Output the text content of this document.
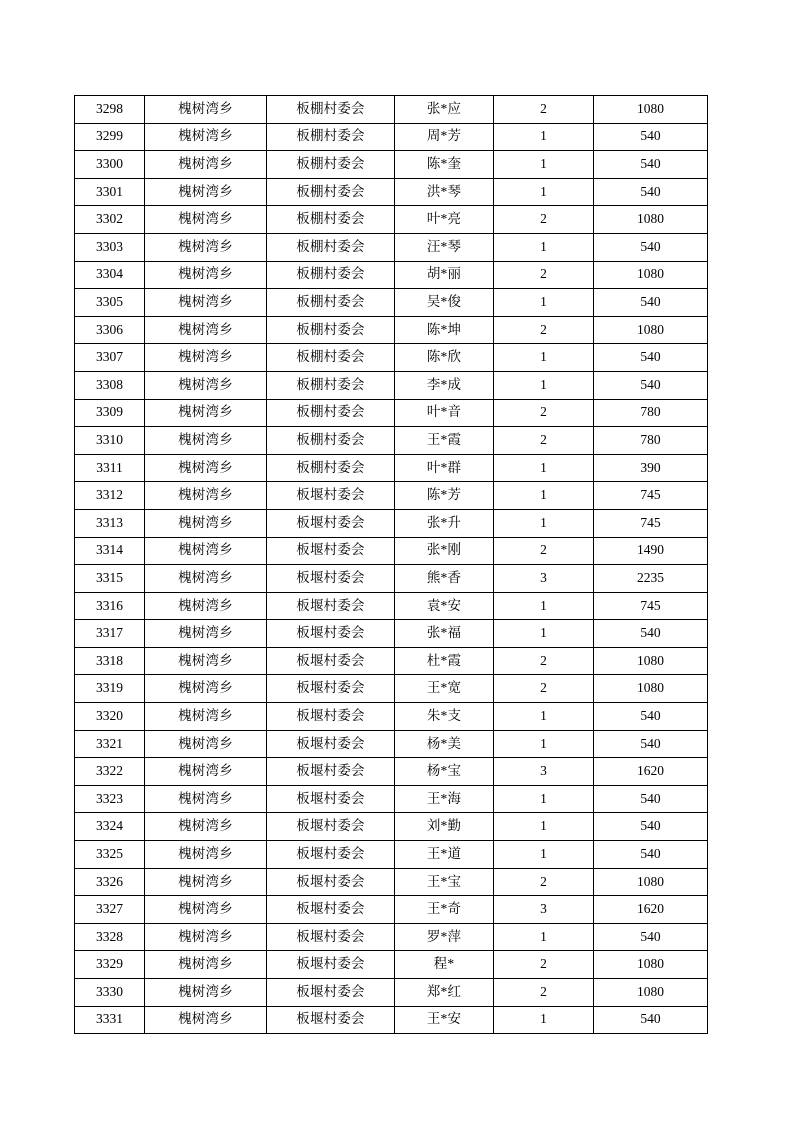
3298	槐树湾乡	板棚村委会	张*应	2	1080
3299	槐树湾乡	板棚村委会	周*芳	1	540
3300	槐树湾乡	板棚村委会	陈*奎	1	540
3301	槐树湾乡	板棚村委会	洪*琴	1	540
3302	槐树湾乡	板棚村委会	叶*亮	2	1080
3303	槐树湾乡	板棚村委会	汪*琴	1	540
3304	槐树湾乡	板棚村委会	胡*丽	2	1080
3305	槐树湾乡	板棚村委会	吴*俊	1	540
3306	槐树湾乡	板棚村委会	陈*坤	2	1080
3307	槐树湾乡	板棚村委会	陈*欣	1	540
3308	槐树湾乡	板棚村委会	李*成	1	540
3309	槐树湾乡	板棚村委会	叶*音	2	780
3310	槐树湾乡	板棚村委会	王*霞	2	780
3311	槐树湾乡	板棚村委会	叶*群	1	390
3312	槐树湾乡	板堰村委会	陈*芳	1	745
3313	槐树湾乡	板堰村委会	张*升	1	745
3314	槐树湾乡	板堰村委会	张*刚	2	1490
3315	槐树湾乡	板堰村委会	熊*香	3	2235
3316	槐树湾乡	板堰村委会	袁*安	1	745
3317	槐树湾乡	板堰村委会	张*福	1	540
3318	槐树湾乡	板堰村委会	杜*霞	2	1080
3319	槐树湾乡	板堰村委会	王*宽	2	1080
3320	槐树湾乡	板堰村委会	朱*支	1	540
3321	槐树湾乡	板堰村委会	杨*美	1	540
3322	槐树湾乡	板堰村委会	杨*宝	3	1620
3323	槐树湾乡	板堰村委会	王*海	1	540
3324	槐树湾乡	板堰村委会	刘*勤	1	540
3325	槐树湾乡	板堰村委会	王*道	1	540
3326	槐树湾乡	板堰村委会	王*宝	2	1080
3327	槐树湾乡	板堰村委会	王*奇	3	1620
3328	槐树湾乡	板堰村委会	罗*萍	1	540
3329	槐树湾乡	板堰村委会	程*	2	1080
3330	槐树湾乡	板堰村委会	郑*红	2	1080
3331	槐树湾乡	板堰村委会	王*安	1	540
